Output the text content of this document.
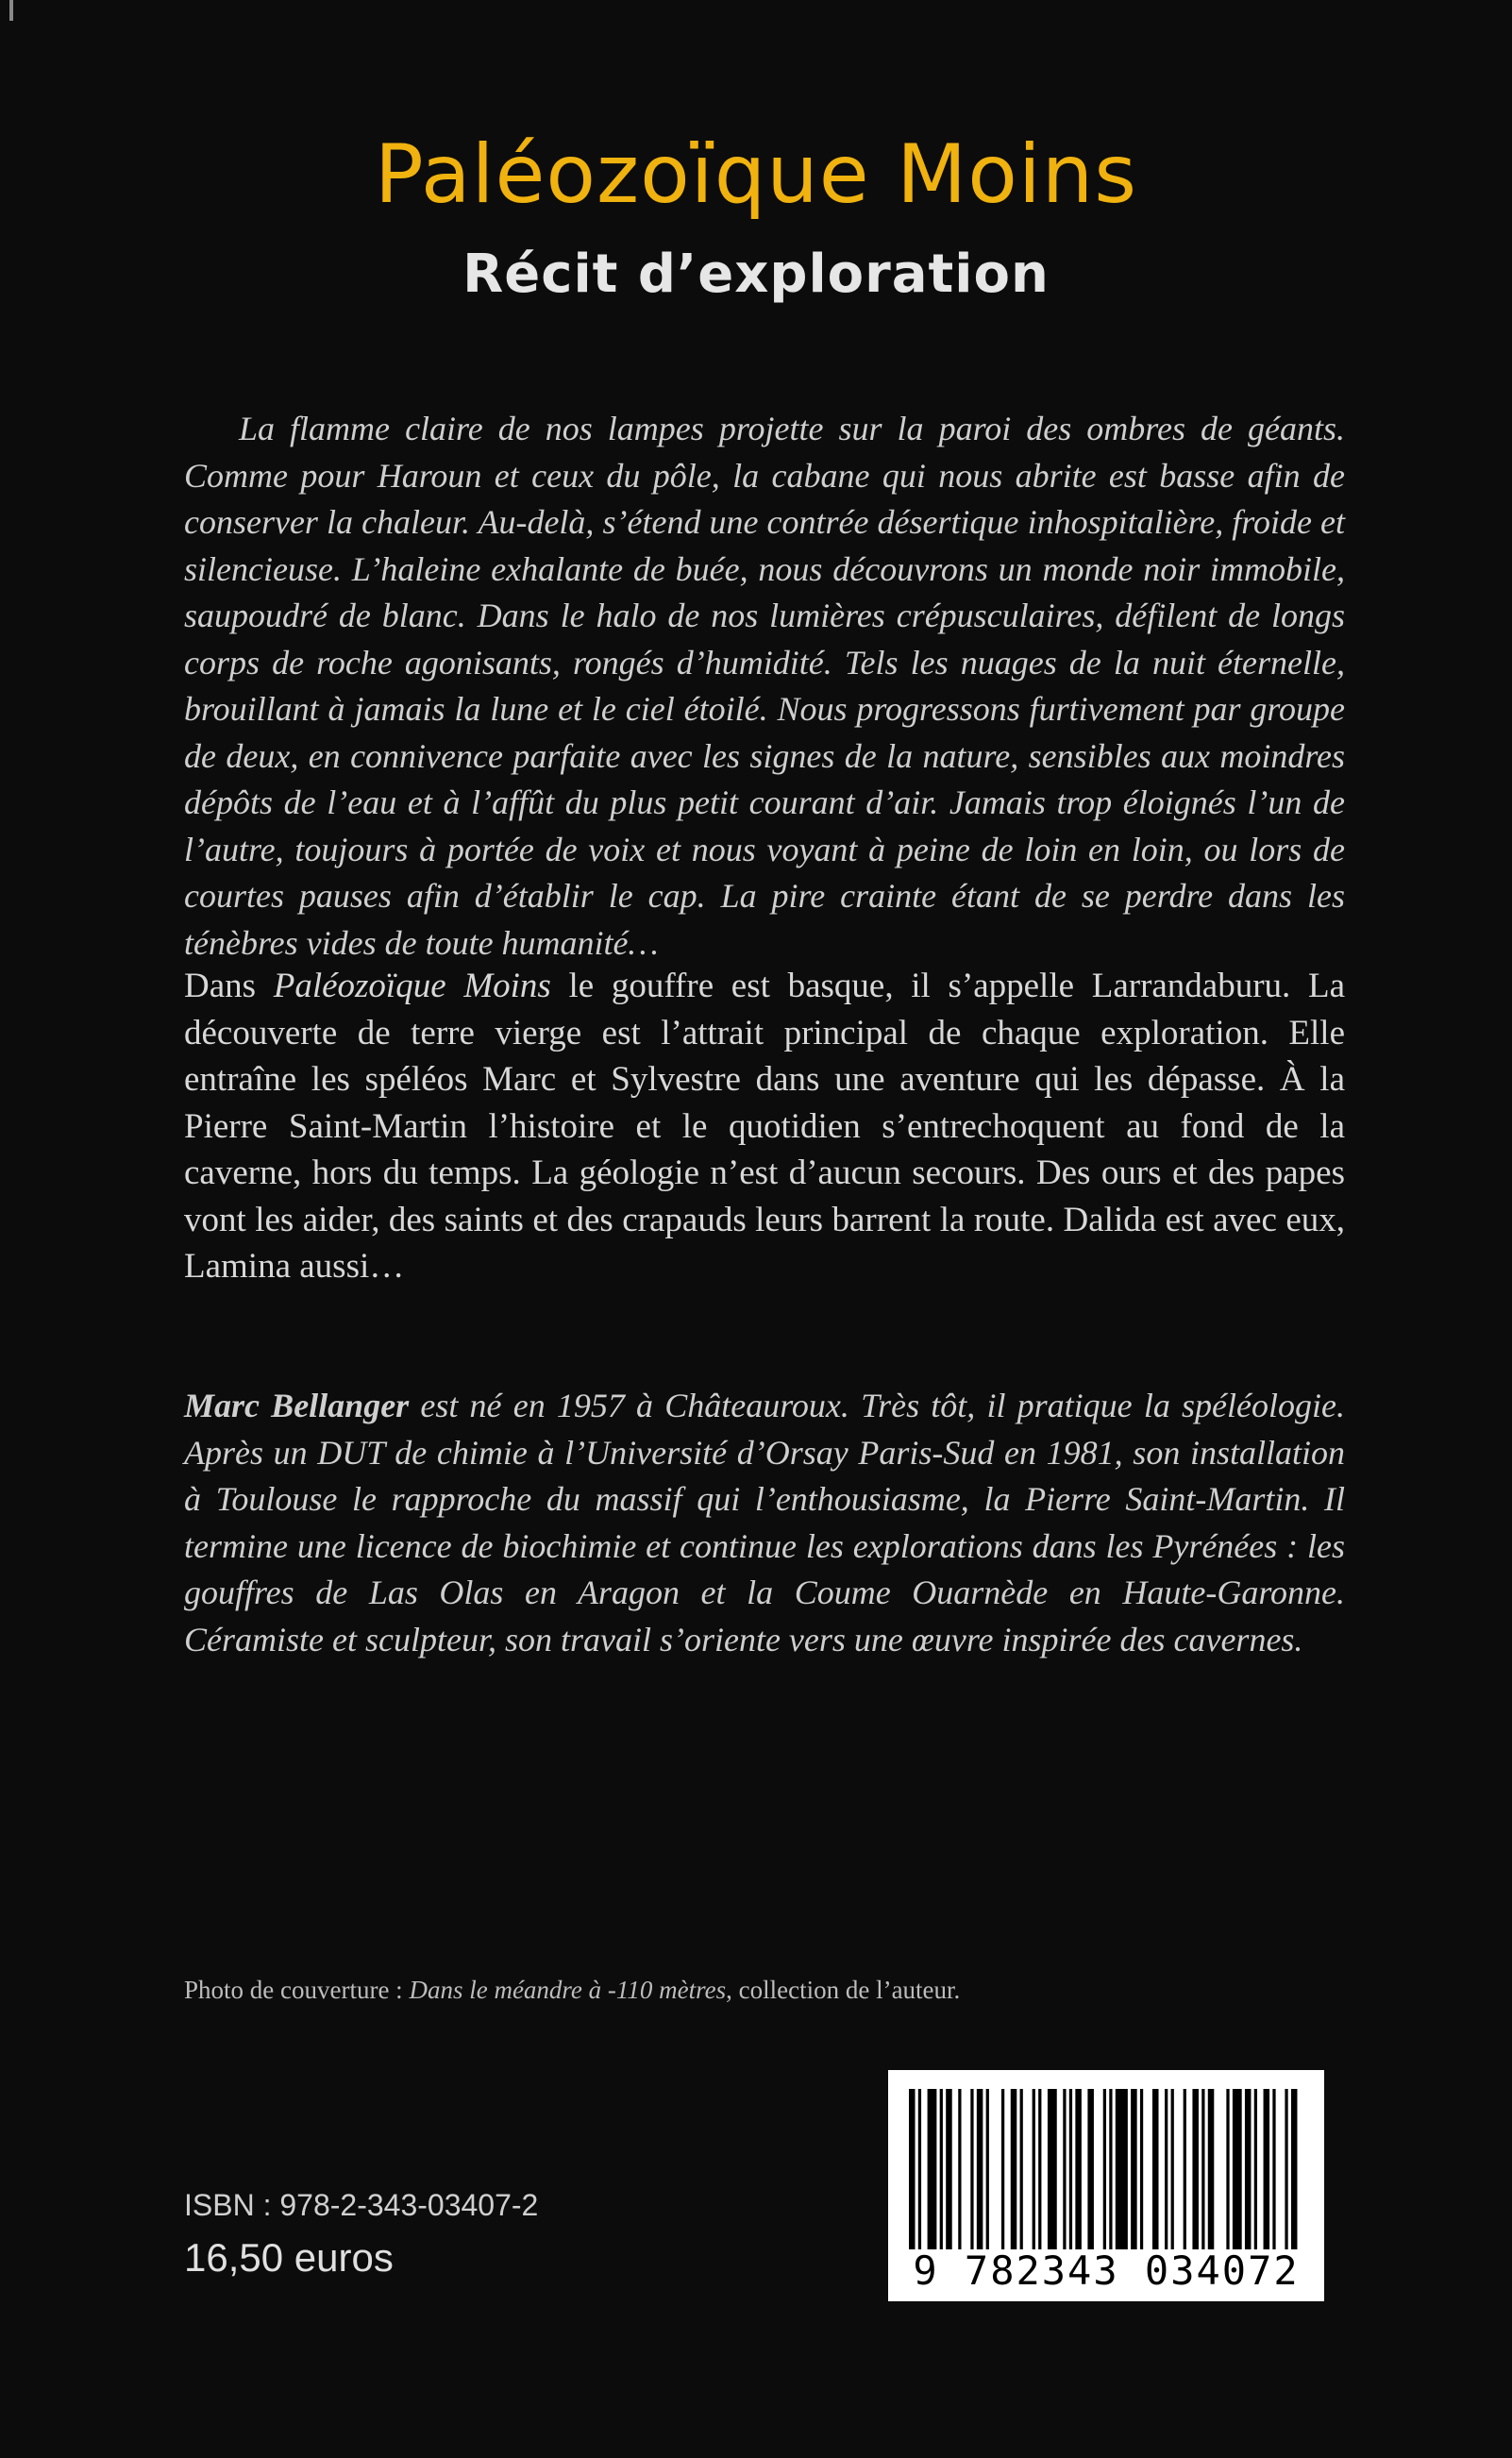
Paléozoïque Moins
Récit d’exploration

La flamme claire de nos lampes projette sur la paroi des ombres de géants. Comme pour Haroun et ceux du pôle, la cabane qui nous abrite est basse afin de conserver la chaleur. Au-delà, s’étend une contrée désertique inhospitalière, froide et silencieuse. L’haleine exhalante de buée, nous découvrons un monde noir immobile, saupoudré de blanc. Dans le halo de nos lumières crépusculaires, défilent de longs corps de roche agonisants, rongés d’humidité. Tels les nuages de la nuit éternelle, brouillant à jamais la lune et le ciel étoilé. Nous progressons furtivement par groupe de deux, en connivence parfaite avec les signes de la nature, sensibles aux moindres dépôts de l’eau et à l’affût du plus petit courant d’air. Jamais trop éloignés l’un de l’autre, toujours à portée de voix et nous voyant à peine de loin en loin, ou lors de courtes pauses afin d’établir le cap. La pire crainte étant de se perdre dans les ténèbres vides de toute humanité…

Dans Paléozoïque Moins le gouffre est basque, il s’appelle Larrandaburu. La découverte de terre vierge est l’attrait principal de chaque exploration. Elle entraîne les spéléos Marc et Sylvestre dans une aventure qui les dépasse. À la Pierre Saint-Martin l’histoire et le quotidien s’entrechoquent au fond de la caverne, hors du temps. La géologie n’est d’aucun secours. Des ours et des papes vont les aider, des saints et des crapauds leurs barrent la route. Dalida est avec eux, Lamina aussi…

Marc Bellanger est né en 1957 à Châteauroux. Très tôt, il pratique la spéléologie. Après un DUT de chimie à l’Université d’Orsay Paris-Sud en 1981, son installation à Toulouse le rapproche du massif qui l’enthousiasme, la Pierre Saint-Martin. Il termine une licence de biochimie et continue les explorations dans les Pyrénées : les gouffres de Las Olas en Aragon et la Coume Ouarnède en Haute-Garonne. Céramiste et sculpteur, son travail s’oriente vers une œuvre inspirée des cavernes.

Photo de couverture : Dans le méandre à -110 mètres, collection de l’auteur.

ISBN : 978-2-343-03407-2
16,50 euros	9 782343 034072
